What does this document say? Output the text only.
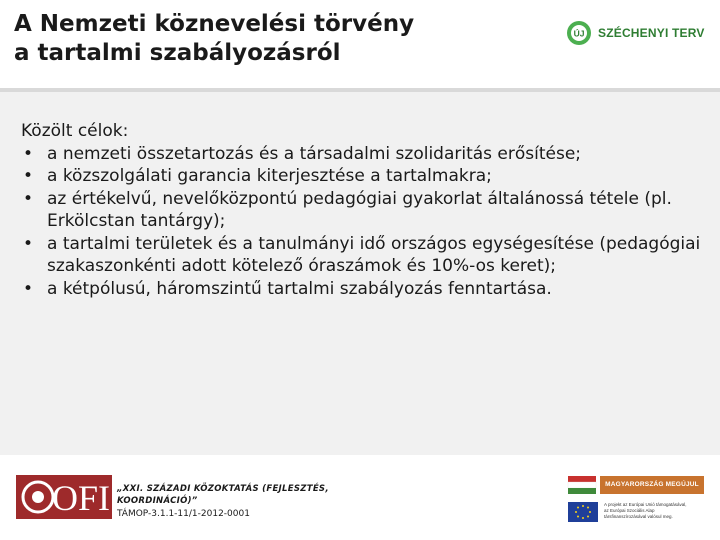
A Nemzeti köznevelési törvény
a tartalmi szabályozásról
ÚJ SZÉCHENYI TERV

Közölt célok:

• a nemzeti összetartozás és a társadalmi szolidaritás erősítése;
• a közszolgálati garancia kiterjesztése a tartalmakra;
• az értékelvű, nevelőközpontú pedagógiai gyakorlat általánossá tétele (pl. Erkölcstan tantárgy);
• a tartalmi területek és a tanulmányi idő országos egységesítése (pedagógiai szakaszonkénti adott kötelező óraszámok és 10%-os keret);
• a kétpólusú, háromszintű tartalmi szabályozás fenntartása.
OFI „XXI. SZÁZADI KÖZOKTATÁS (FEJLESZTÉS,
KOORDINÁCIÓ)”
TÁMOP-3.1.1-11/1-2012-0001
MAGYARORSZÁG MEGÚJUL
A projekt az Európai Unió támogatásával,
az Európai Szociális Alap
társfinanszírozásával valósul meg.
